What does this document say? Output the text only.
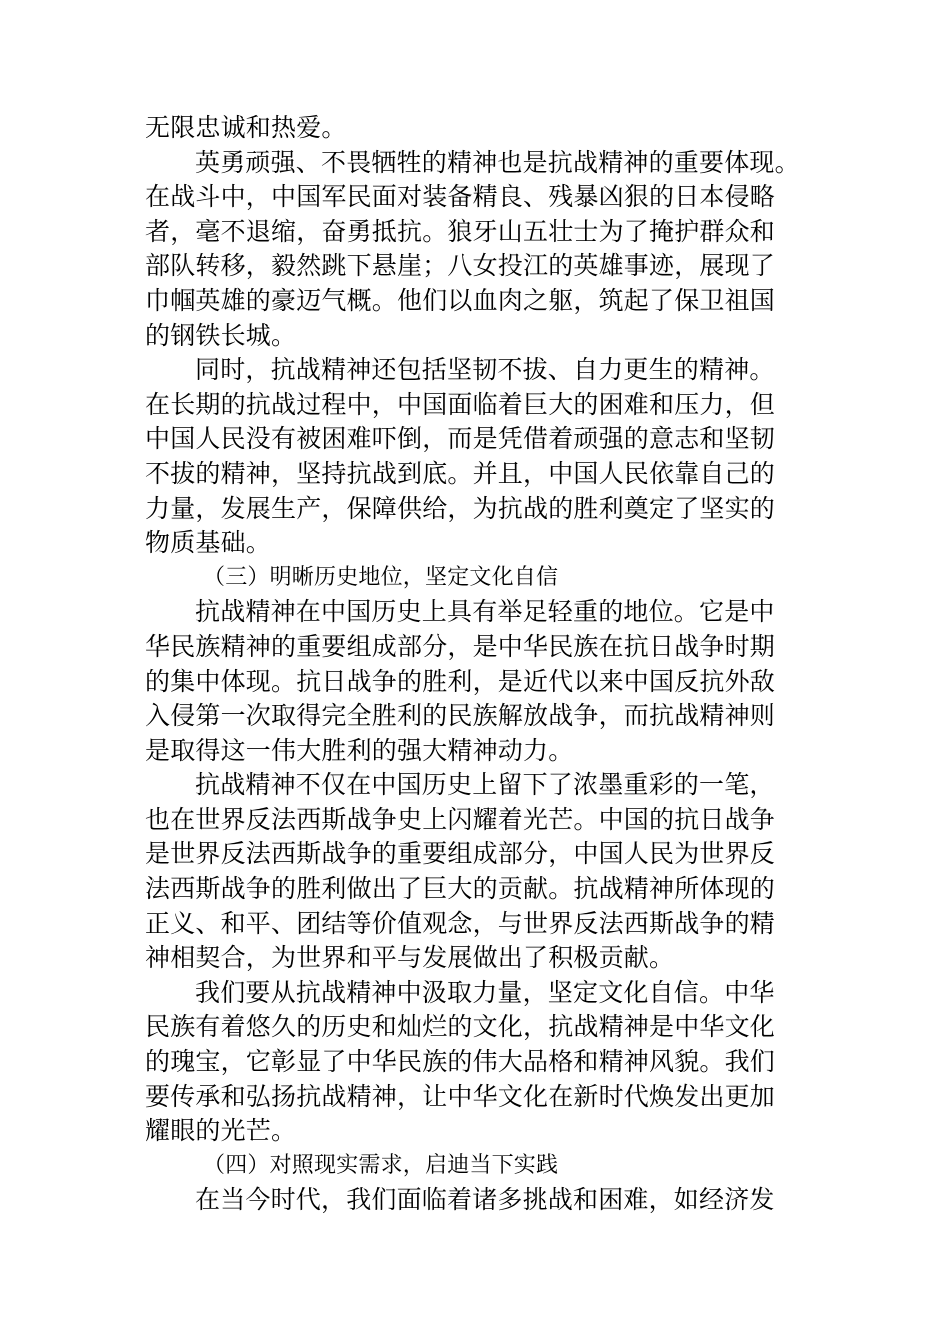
无限忠诚和热爱。
英勇顽强、不畏牺牲的精神也是抗战精神的重要体现。
在战斗中，中国军民面对装备精良、残暴凶狠的日本侵略
者，毫不退缩，奋勇抵抗。狼牙山五壮士为了掩护群众和
部队转移，毅然跳下悬崖；八女投江的英雄事迹，展现了
巾帼英雄的豪迈气概。他们以血肉之躯，筑起了保卫祖国
的钢铁长城。
同时，抗战精神还包括坚韧不拔、自力更生的精神。
在长期的抗战过程中，中国面临着巨大的困难和压力，但
中国人民没有被困难吓倒，而是凭借着顽强的意志和坚韧
不拔的精神，坚持抗战到底。并且，中国人民依靠自己的
力量，发展生产，保障供给，为抗战的胜利奠定了坚实的
物质基础。
（三）明晰历史地位，坚定文化自信
抗战精神在中国历史上具有举足轻重的地位。它是中
华民族精神的重要组成部分，是中华民族在抗日战争时期
的集中体现。抗日战争的胜利，是近代以来中国反抗外敌
入侵第一次取得完全胜利的民族解放战争，而抗战精神则
是取得这一伟大胜利的强大精神动力。
抗战精神不仅在中国历史上留下了浓墨重彩的一笔，
也在世界反法西斯战争史上闪耀着光芒。中国的抗日战争
是世界反法西斯战争的重要组成部分，中国人民为世界反
法西斯战争的胜利做出了巨大的贡献。抗战精神所体现的
正义、和平、团结等价值观念，与世界反法西斯战争的精
神相契合，为世界和平与发展做出了积极贡献。
我们要从抗战精神中汲取力量，坚定文化自信。中华
民族有着悠久的历史和灿烂的文化，抗战精神是中华文化
的瑰宝，它彰显了中华民族的伟大品格和精神风貌。我们
要传承和弘扬抗战精神，让中华文化在新时代焕发出更加
耀眼的光芒。
（四）对照现实需求，启迪当下实践
在当今时代，我们面临着诸多挑战和困难，如经济发
